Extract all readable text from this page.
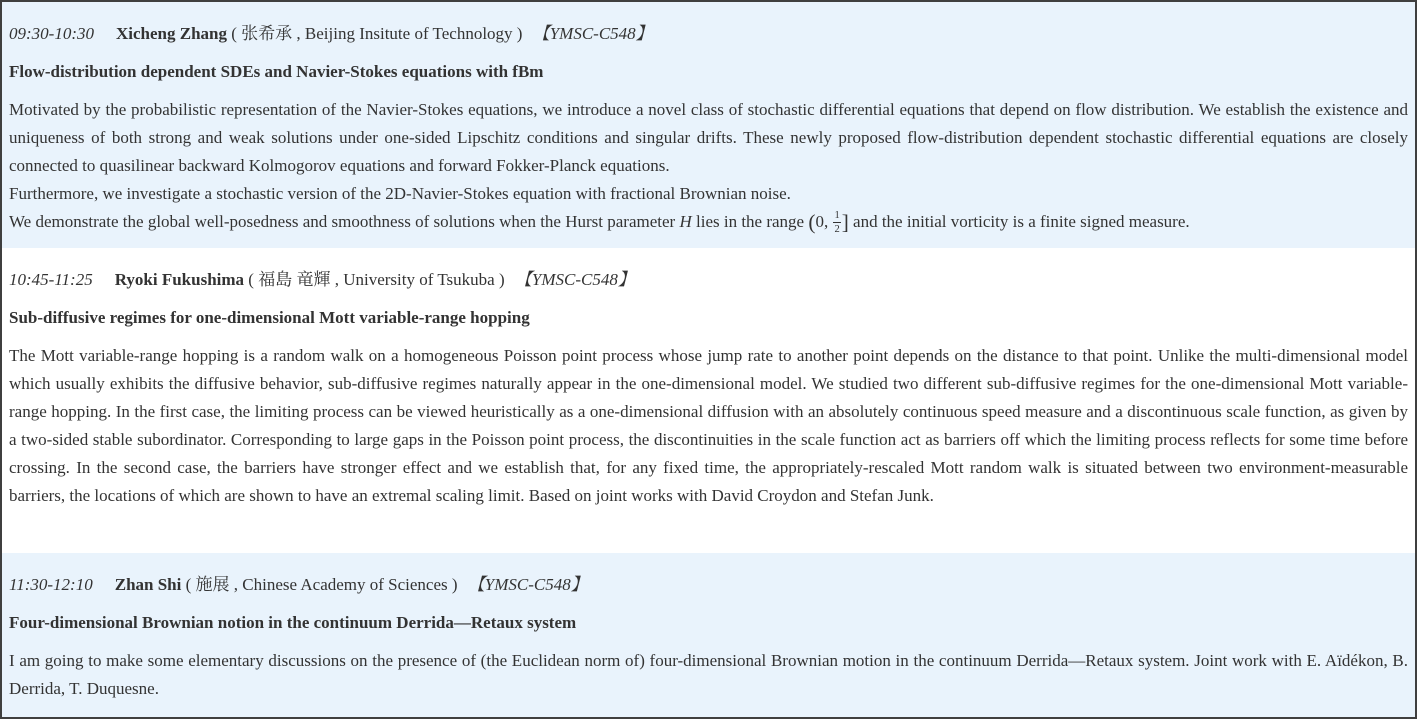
09:30-10:30 Xicheng Zhang ( 张希承 , Beijing Insitute of Technology ) 【YMSC-C548】
Flow-distribution dependent SDEs and Navier-Stokes equations with fBm
Motivated by the probabilistic representation of the Navier-Stokes equations, we introduce a novel class of stochastic differential equations that depend on flow distribution. We establish the existence and uniqueness of both strong and weak solutions under one-sided Lipschitz conditions and singular drifts. These newly proposed flow-distribution dependent stochastic differential equations are closely connected to quasilinear backward Kolmogorov equations and forward Fokker-Planck equations.
Furthermore, we investigate a stochastic version of the 2D-Navier-Stokes equation with fractional Brownian noise.
We demonstrate the global well-posedness and smoothness of solutions when the Hurst parameter H lies in the range (0, $\frac{1}{2}$ ] and the initial vorticity is a finite signed measure.
10:45-11:25 Ryoki Fukushima ( 福島 竜輝 , University of Tsukuba ) 【YMSC-C548】
Sub-diffusive regimes for one-dimensional Mott variable-range hopping
The Mott variable-range hopping is a random walk on a homogeneous Poisson point process whose jump rate to another point depends on the distance to that point. Unlike the multi-dimensional model which usually exhibits the diffusive behavior, sub-diffusive regimes naturally appear in the one-dimensional model. We studied two different sub-diffusive regimes for the one-dimensional Mott variable-range hopping. In the first case, the limiting process can be viewed heuristically as a one-dimensional diffusion with an absolutely continuous speed measure and a discontinuous scale function, as given by a two-sided stable subordinator. Corresponding to large gaps in the Poisson point process, the discontinuities in the scale function act as barriers off which the limiting process reflects for some time before crossing. In the second case, the barriers have stronger effect and we establish that, for any fixed time, the appropriately-rescaled Mott random walk is situated between two environment-measurable barriers, the locations of which are shown to have an extremal scaling limit. Based on joint works with David Croydon and Stefan Junk.
11:30-12:10 Zhan Shi ( 施展 , Chinese Academy of Sciences ) 【YMSC-C548】
Four-dimensional Brownian notion in the continuum Derrida—Retaux system
I am going to make some elementary discussions on the presence of (the Euclidean norm of) four-dimensional Brownian motion in the continuum Derrida—Retaux system. Joint work with E. Aïdékon, B. Derrida, T. Duquesne.
